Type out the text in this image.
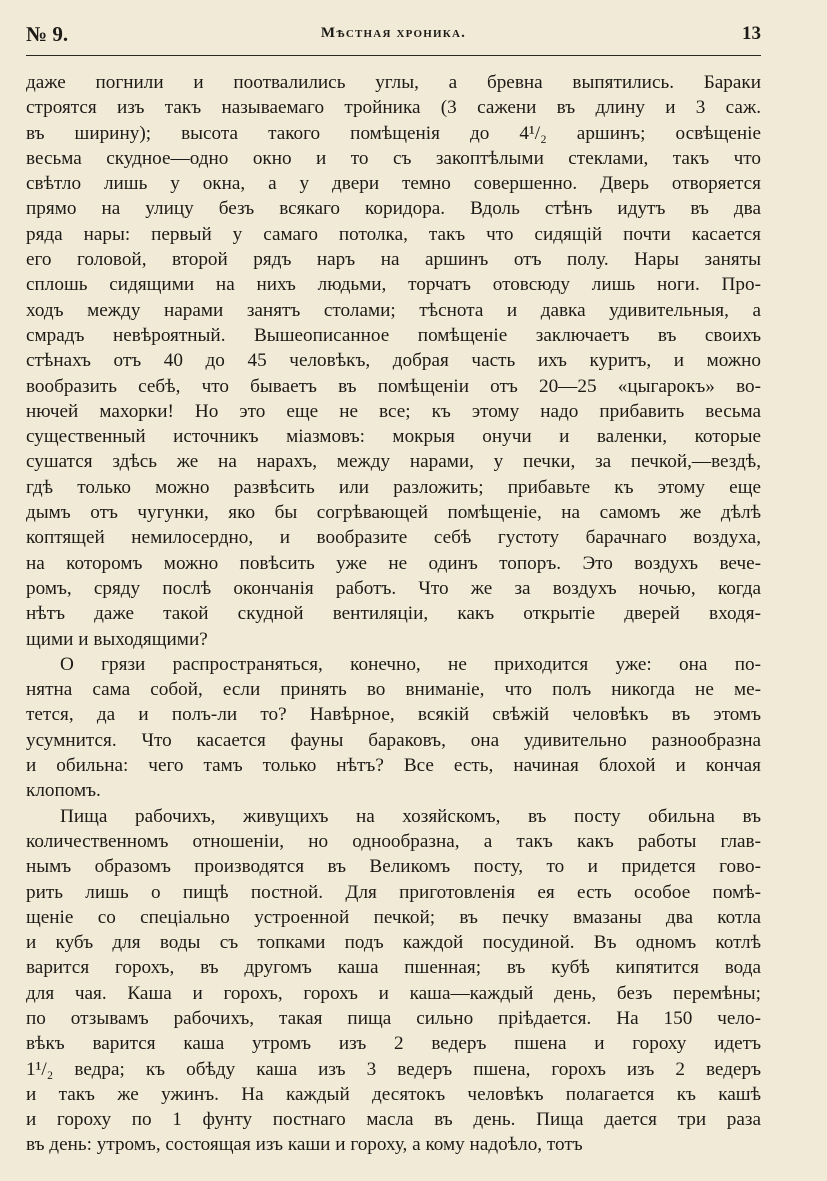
№ 9.	Мѣстная хроника.	13
даже погнили и поотвалились углы, а бревна выпятились. Бараки
строятся изъ такъ называемаго тройника (3 сажени въ длину и 3 саж.
въ ширину); высота такого помѣщенія до 4¹/₂ аршинъ; освѣщеніе
весьма скудное—одно окно и то съ закоптѣлыми стеклами, такъ что
свѣтло лишь у окна, а у двери темно совершенно. Дверь отворяется
прямо на улицу безъ всякаго коридора. Вдоль стѣнъ идутъ въ два
ряда нары: первый у самаго потолка, такъ что сидящій почти касается
его головой, второй рядъ наръ на аршинъ отъ полу. Нары заняты
сплошь сидящими на нихъ людьми, торчатъ отовсюду лишь ноги. Про-
ходъ между нарами занятъ столами; тѣснота и давка удивительныя, а
смрадъ невѣроятный. Вышеописанное помѣщеніе заключаетъ въ своихъ
стѣнахъ отъ 40 до 45 человѣкъ, добрая часть ихъ куритъ, и можно
вообразить себѣ, что бываетъ въ помѣщеніи отъ 20—25 «цыгарокъ» во-
нючей махорки! Но это еще не все; къ этому надо прибавить весьма
существенный источникъ міазмовъ: мокрыя онучи и валенки, которые
сушатся здѣсь же на нарахъ, между нарами, у печки, за печкой,—вездѣ,
гдѣ только можно развѣсить или разложить; прибавьте къ этому еще
дымъ отъ чугунки, яко бы согрѣвающей помѣщеніе, на самомъ же дѣлѣ
коптящей немилосердно, и вообразите себѣ густоту барачнаго воздуха,
на которомъ можно повѣсить уже не одинъ топоръ. Это воздухъ вече-
ромъ, сряду послѣ окончанія работъ. Что же за воздухъ ночью, когда
нѣтъ даже такой скудной вентиляціи, какъ открытіе дверей входя-
щими и выходящими?
О грязи распространяться, конечно, не приходится уже: она по-
нятна сама собой, если принять во вниманіе, что полъ никогда не ме-
тется, да и полъ-ли то? Навѣрное, всякій свѣжій человѣкъ въ этомъ
усумнится. Что касается фауны бараковъ, она удивительно разнообразна
и обильна: чего тамъ только нѣтъ? Все есть, начиная блохой и кончая
клопомъ.
Пища рабочихъ, живущихъ на хозяйскомъ, въ посту обильна въ
количественномъ отношеніи, но однообразна, а такъ какъ работы глав-
нымъ образомъ производятся въ Великомъ посту, то и придется гово-
рить лишь о пищѣ постной. Для приготовленія ея есть особое помѣ-
щеніе со спеціально устроенной печкой; въ печку вмазаны два котла
и кубъ для воды съ топками подъ каждой посудиной. Въ одномъ котлѣ
варится горохъ, въ другомъ каша пшенная; въ кубѣ кипятится вода
для чая. Каша и горохъ, горохъ и каша—каждый день, безъ перемѣны;
по отзывамъ рабочихъ, такая пища сильно пріѣдается. На 150 чело-
вѣкъ варится каша утромъ изъ 2 ведеръ пшена и гороху идетъ
1¹/₂ ведра; къ обѣду каша изъ 3 ведеръ пшена, горохъ изъ 2 ведеръ
и такъ же ужинъ. На каждый десятокъ человѣкъ полагается къ кашѣ
и гороху по 1 фунту постнаго масла въ день. Пища дается три раза
въ день: утромъ, состоящая изъ каши и гороху, а кому надоѣло, тотъ
